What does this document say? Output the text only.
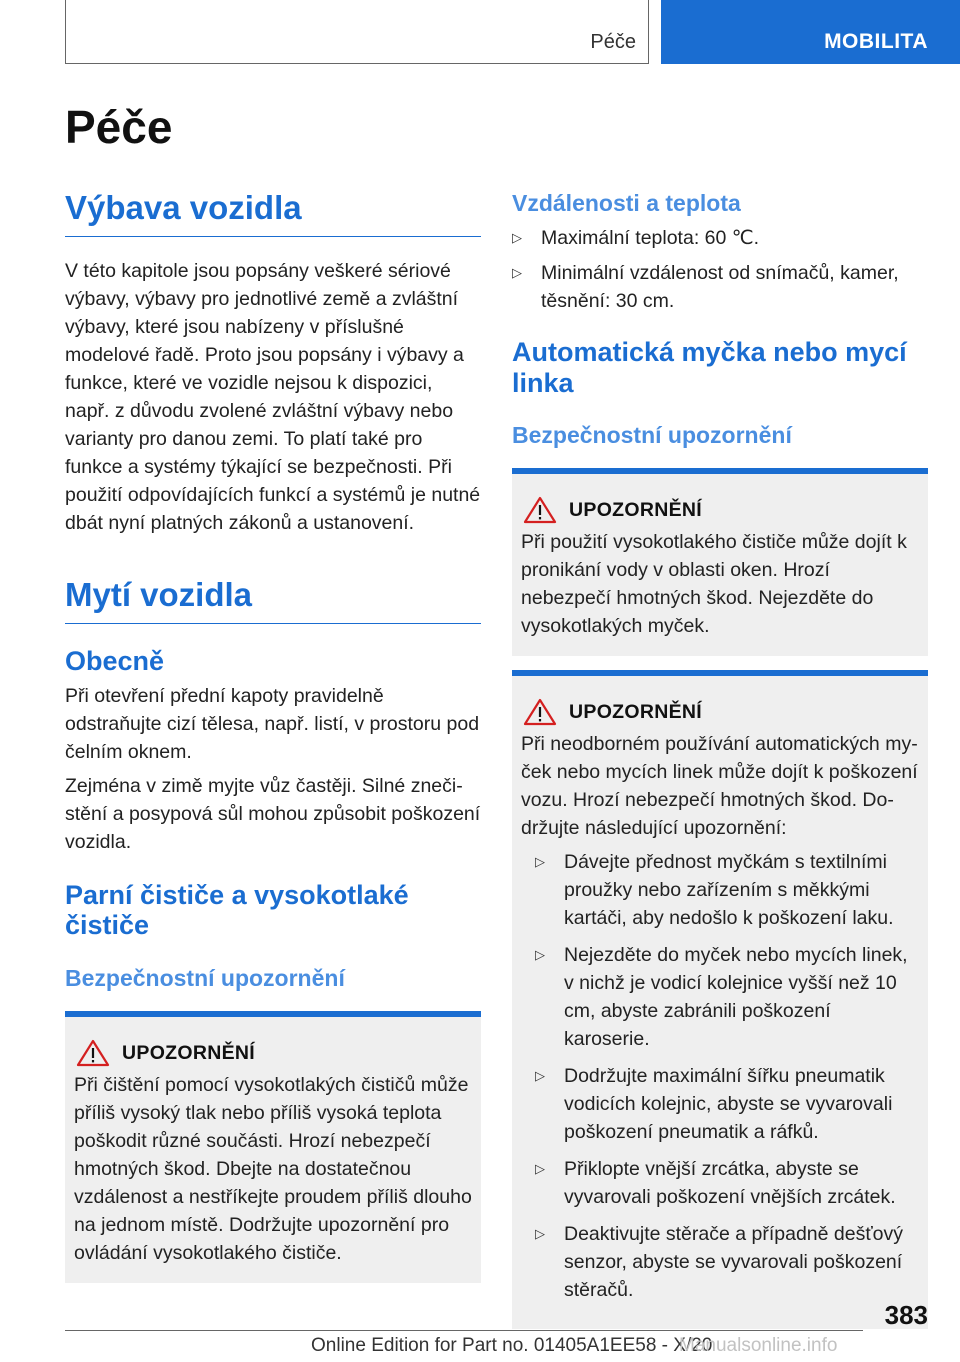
Péče	MOBILITA
Péče
Výbava vozidla

V této kapitole jsou popsány veškeré sériové výbavy, výbavy pro jednotlivé země a zvláštní výbavy, které jsou nabízeny v příslušné modelové řadě. Proto jsou popsány i výbavy a funkce, které ve vozidle nejsou k dispozici, např. z důvodu zvolené zvláštní výbavy nebo varianty pro danou zemi. To platí také pro funkce a systémy týkající se bezpečnosti. Při použití odpovídajících funkcí a systémů je nutné dbát nyní platných zákonů a ustanovení.

Mytí vozidla
Obecně

Při otevření přední kapoty pravidelně odstraňujte cizí tělesa, např. listí, v prostoru pod čelním oknem.

Zejména v zimě myjte vůz častěji. Silné znečistění a posypová sůl mohou způsobit poškození vozidla.

Parní čističe a vysokotlaké čističe
Bezpečnostní upozornění
UPOZORNĚNÍ

Při čištění pomocí vysokotlakých čističů může příliš vysoký tlak nebo příliš vysoká teplota poškodit různé součásti. Hrozí nebezpečí hmotných škod. Dbejte na dostatečnou vzdálenost a nestříkejte proudem příliš dlouho na jednom místě. Dodržujte upozornění pro ovládání vysokotlakého čističe.

Vzdálenosti a teplota
▷ Maximální teplota: 60 ℃.
▷ Minimální vzdálenost od snímačů, kamer, těsnění: 30 cm.
Automatická myčka nebo mycí linka
Bezpečnostní upozornění
UPOZORNĚNÍ

Při použití vysokotlakého čističe může dojít k pronikání vody v oblasti oken. Hrozí nebezpečí hmotných škod. Nejezděte do vysokotlakých myček.

UPOZORNĚNÍ

Při neodborném používání automatických myček nebo mycích linek může dojít k poškození vozu. Hrozí nebezpečí hmotných škod. Dodržujte následující upozornění:

▷ Dávejte přednost myčkám s textilními proužky nebo zařízením s měkkými kartáči, aby nedošlo k poškození laku.
▷ Nejezděte do myček nebo mycích linek, v nichž je vodicí kolejnice vyšší než 10 cm, abyste zabránili poškození karoserie.
▷ Dodržujte maximální šířku pneumatik vodicích kolejnic, abyste se vyvarovali poškození pneumatik a ráfků.
▷ Přiklopte vnější zrcátka, abyste se vyvarovali poškození vnějších zrcátek.
▷ Deaktivujte stěrače a případně dešťový senzor, abyste se vyvarovali poškození stěračů.
383
Online Edition for Part no. 01405A1EE58 - X/20
Manualsonline.info
